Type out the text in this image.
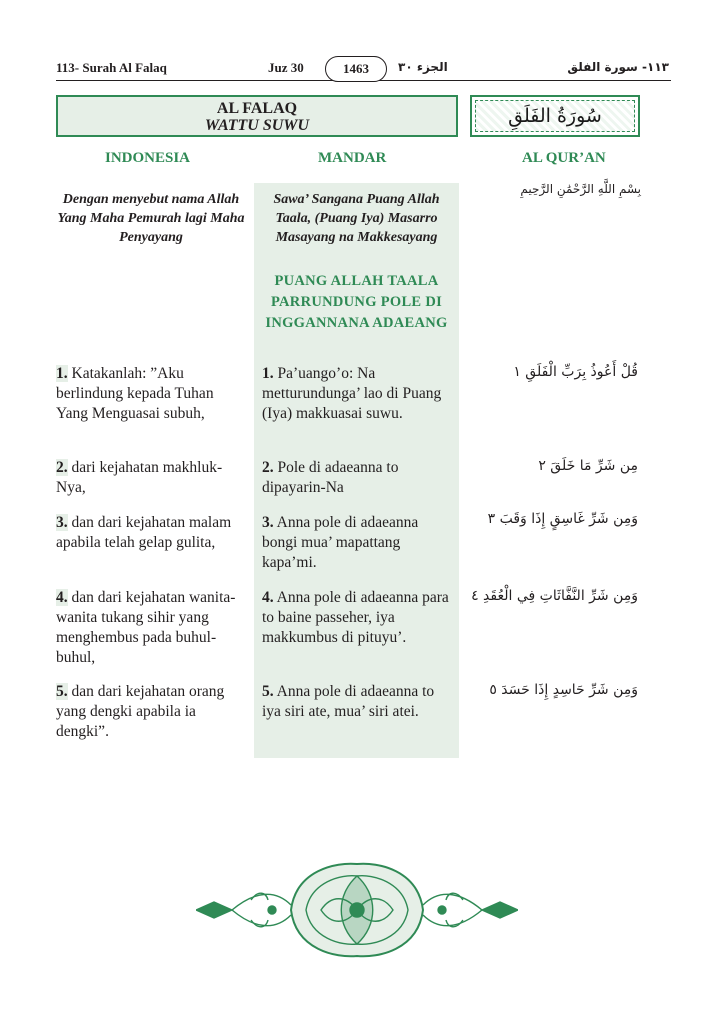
113- Surah Al Falaq	Juz 30	1463	الجزء ٣٠	١١٣- سورة الفلق
AL FALAQ
WATTU SUWU	سُورَةُ الفَلَقِ
INDONESIA	MANDAR	AL QUR’AN
Dengan menyebut nama Allah Yang Maha Pemurah lagi Maha Penyayang
Sawa’ Sangana Puang Allah Taala, (Puang Iya) Masarro Masayang na Makkesayang
بِسْمِ اللَّهِ الرَّحْمَٰنِ الرَّحِيمِ
PUANG ALLAH TAALA PARRUNDUNG POLE DI INGGANNANA ADAEANG
1. Katakanlah: ”Aku berlindung kepada Tuhan Yang Menguasai subuh,
1. Pa’uango’o: Na metturundunga’ lao di Puang (Iya) makkuasai suwu.
قُلْ أَعُوذُ بِرَبِّ الْفَلَقِ ١
2. dari kejahatan makhluk-Nya,
2. Pole di adaeanna to dipayarin-Na
مِن شَرِّ مَا خَلَقَ ٢
3. dan dari kejahatan malam apabila telah gelap gulita,
3. Anna pole di adaeanna bongi mua’ mapattang kapa’mi.
وَمِن شَرِّ غَاسِقٍ إِذَا وَقَبَ ٣
4. dan dari kejahatan wanita-wanita tukang sihir yang menghembus pada buhul-buhul,
4. Anna pole di adaeanna para to baine passeher, iya makkumbus di pituyu’.
وَمِن شَرِّ النَّفَّاثَاتِ فِي الْعُقَدِ ٤
5. dan dari kejahatan orang yang dengki apabila ia dengki”.
5. Anna pole di adaeanna to iya siri ate, mua’ siri atei.
وَمِن شَرِّ حَاسِدٍ إِذَا حَسَدَ ٥
